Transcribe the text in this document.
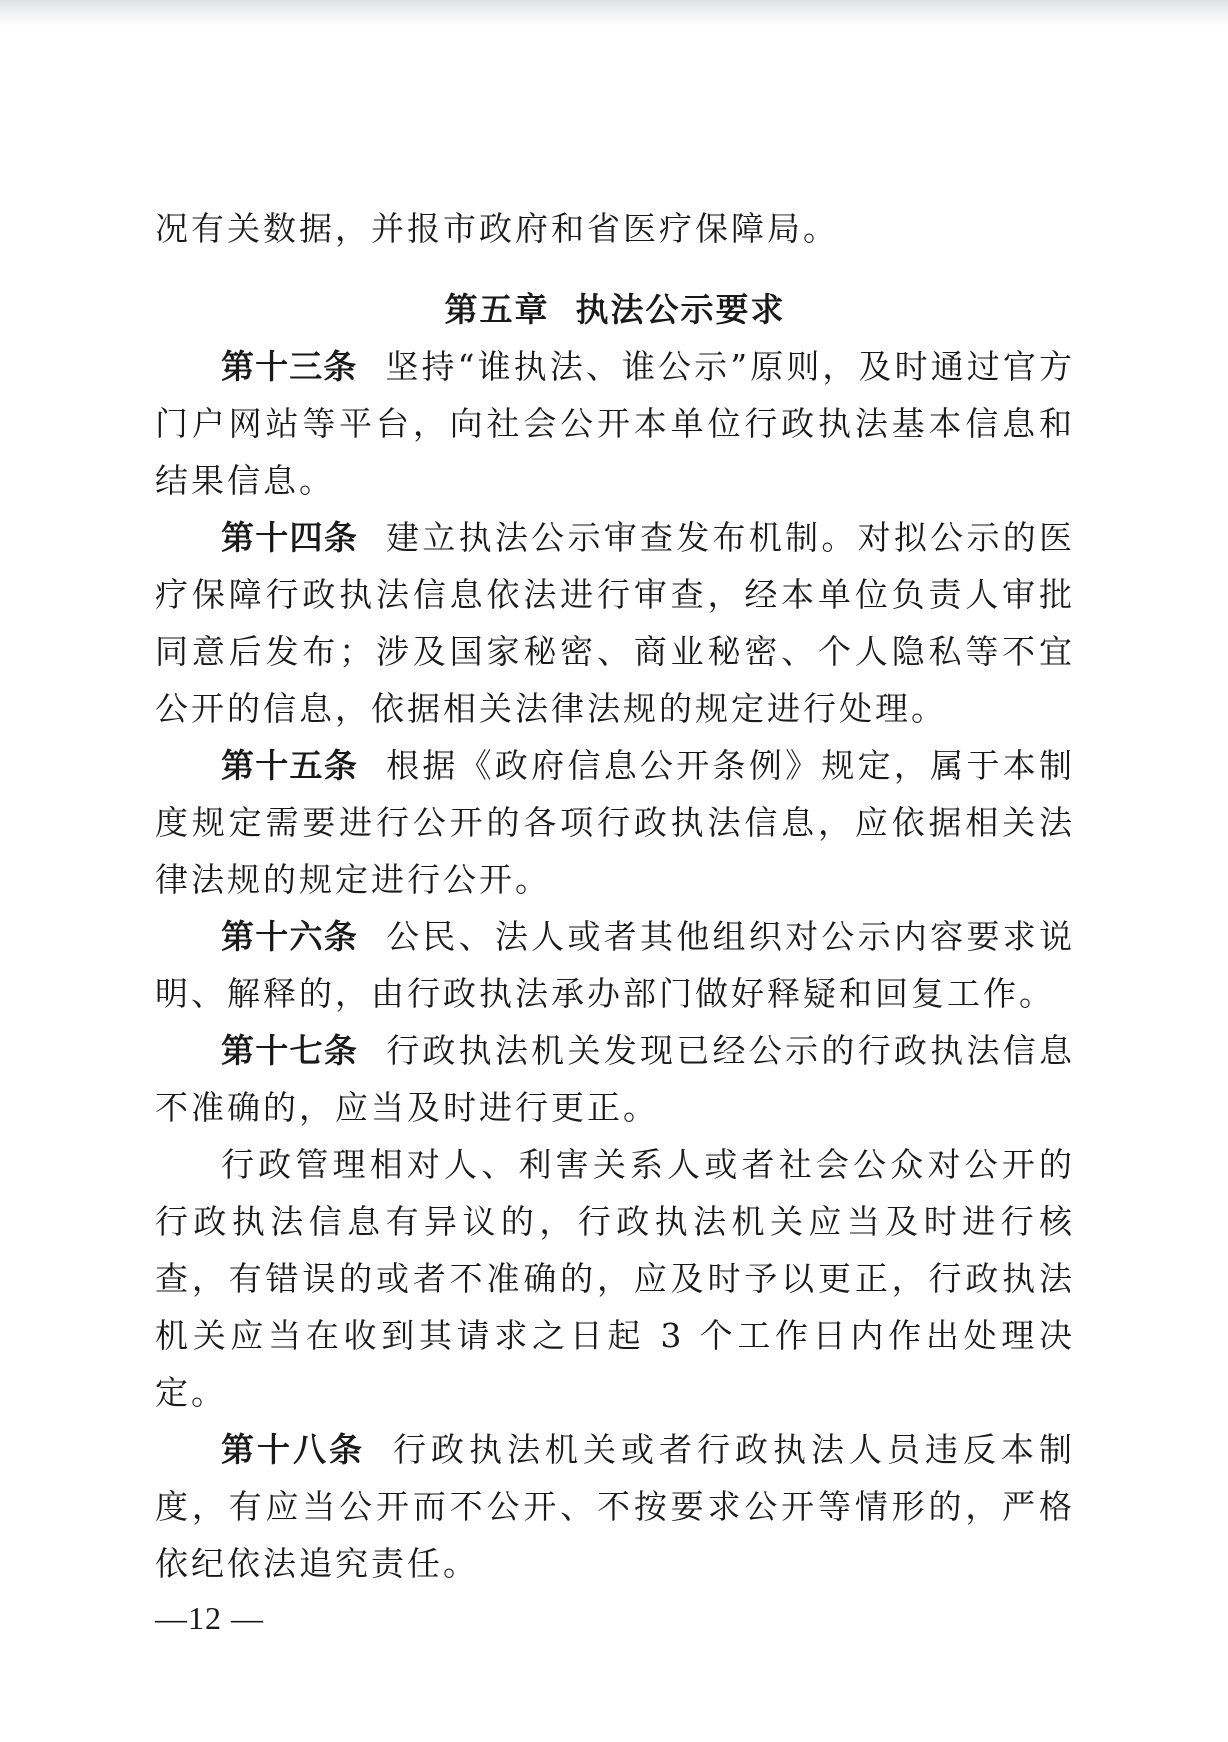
况有关数据，并报市政府和省医疗保障局。

第五章 执法公示要求

第十三条 坚持“谁执法、谁公示”原则，及时通过官方门户网站等平台，向社会公开本单位行政执法基本信息和结果信息。

第十四条 建立执法公示审查发布机制。对拟公示的医疗保障行政执法信息依法进行审查，经本单位负责人审批同意后发布；涉及国家秘密、商业秘密、个人隐私等不宜公开的信息，依据相关法律法规的规定进行处理。

第十五条 根据《政府信息公开条例》规定，属于本制度规定需要进行公开的各项行政执法信息，应依据相关法律法规的规定进行公开。

第十六条 公民、法人或者其他组织对公示内容要求说明、解释的，由行政执法承办部门做好释疑和回复工作。

第十七条 行政执法机关发现已经公示的行政执法信息不准确的，应当及时进行更正。

行政管理相对人、利害关系人或者社会公众对公开的行政执法信息有异议的，行政执法机关应当及时进行核查，有错误的或者不准确的，应及时予以更正，行政执法机关应当在收到其请求之日起 3 个工作日内作出处理决定。

第十八条 行政执法机关或者行政执法人员违反本制度，有应当公开而不公开、不按要求公开等情形的，严格依纪依法追究责任。

—12 —
